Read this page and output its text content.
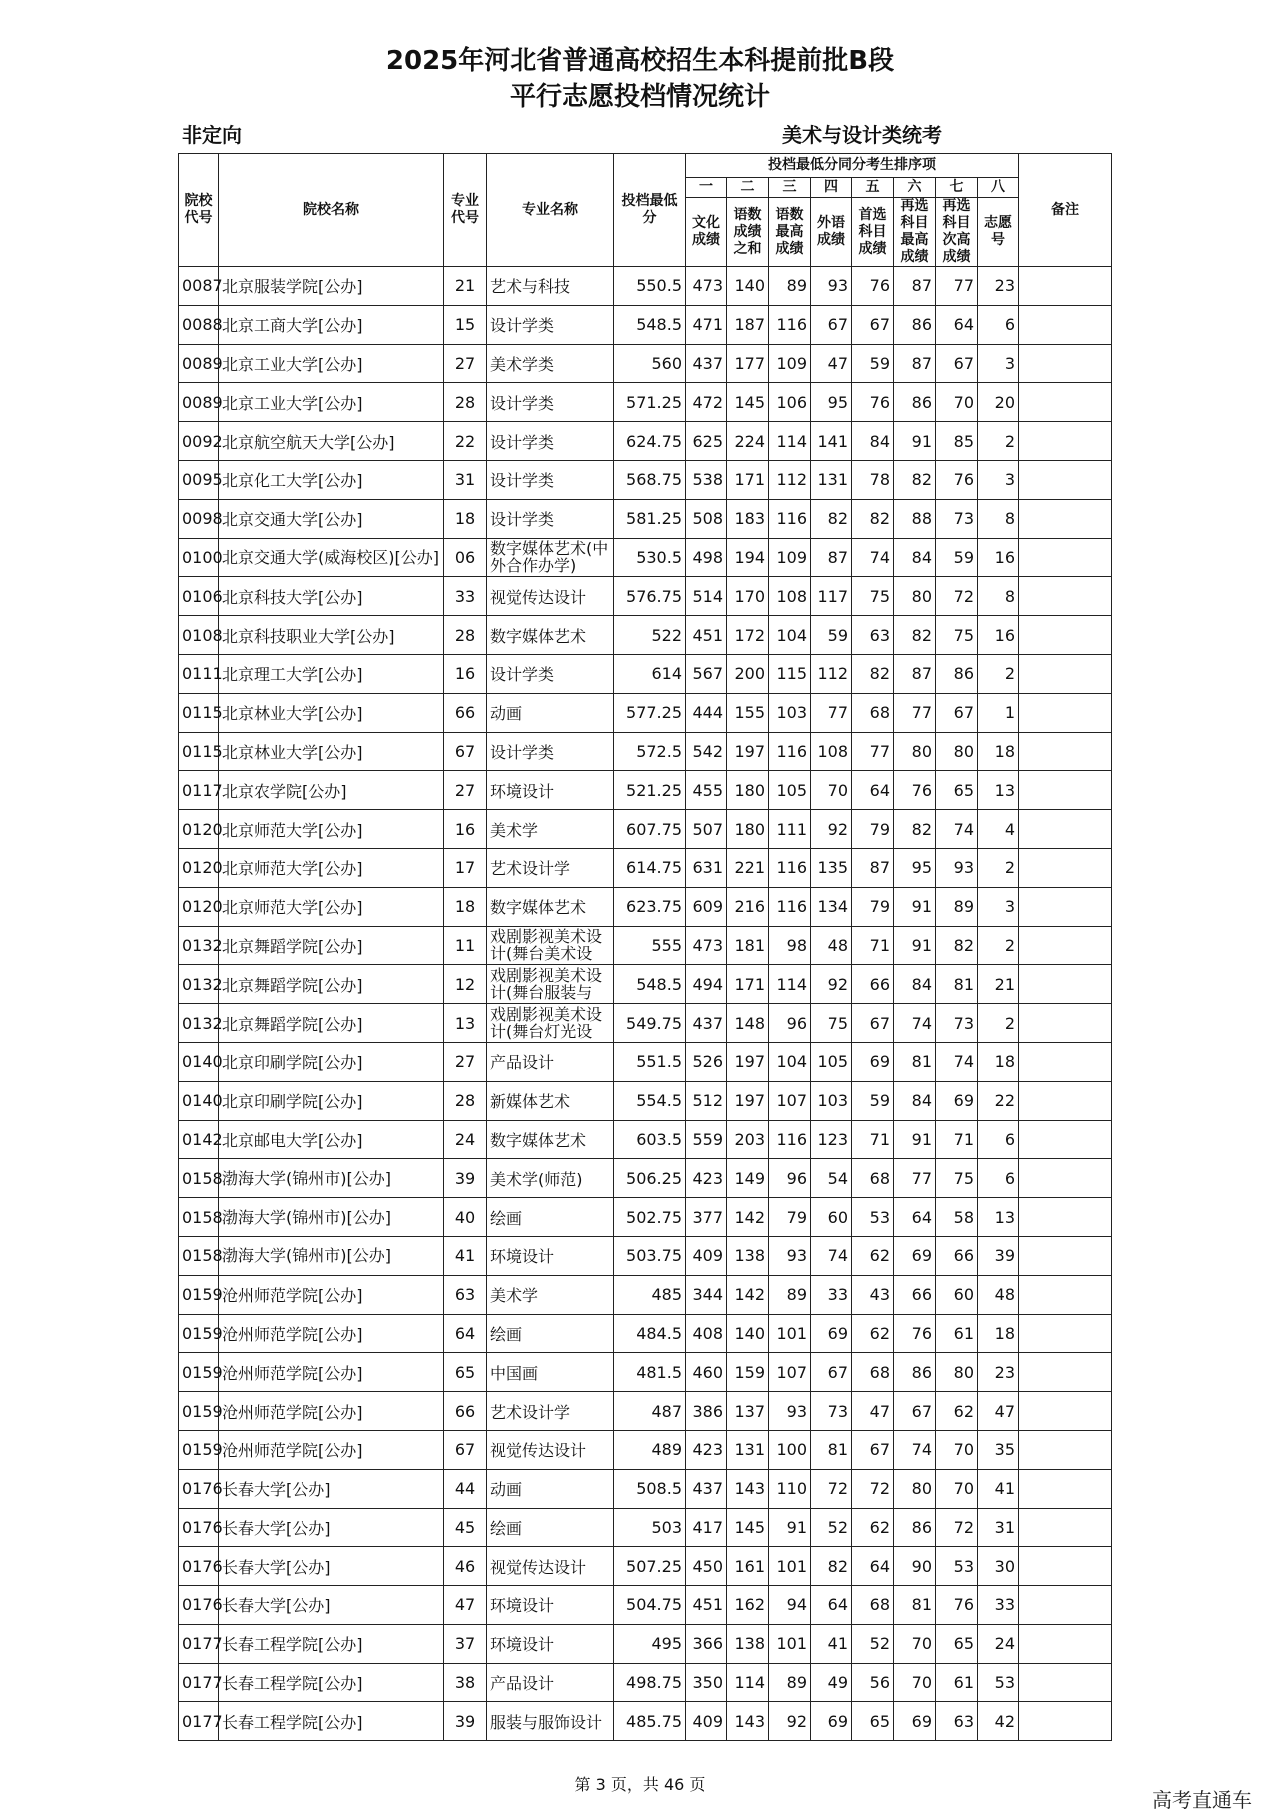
2025年河北省普通高校招生本科提前批B段
平行志愿投档情况统计
非定向	美术与设计类统考
院校代号	院校名称	专业代号	专业名称	投档最低分	投档最低分同分考生排序项								备注
					一	二	三	四	五	六	七	八	
					文化成绩	语数成绩之和	语数最高成绩	外语成绩	首选科目成绩	再选科目最高成绩	再选科目次高成绩	志愿号	
0087	北京服装学院[公办]	21	艺术与科技	550.5	473	140	89	93	76	87	77	23	
0088	北京工商大学[公办]	15	设计学类	548.5	471	187	116	67	67	86	64	6	
0089	北京工业大学[公办]	27	美术学类	560	437	177	109	47	59	87	67	3	
0089	北京工业大学[公办]	28	设计学类	571.25	472	145	106	95	76	86	70	20	
0092	北京航空航天大学[公办]	22	设计学类	624.75	625	224	114	141	84	91	85	2	
0095	北京化工大学[公办]	31	设计学类	568.75	538	171	112	131	78	82	76	3	
0098	北京交通大学[公办]	18	设计学类	581.25	508	183	116	82	82	88	73	8	
0100	北京交通大学(威海校区)[公办]	06	数字媒体艺术(中外合作办学)	530.5	498	194	109	87	74	84	59	16	
0106	北京科技大学[公办]	33	视觉传达设计	576.75	514	170	108	117	75	80	72	8	
0108	北京科技职业大学[公办]	28	数字媒体艺术	522	451	172	104	59	63	82	75	16	
0111	北京理工大学[公办]	16	设计学类	614	567	200	115	112	82	87	86	2	
0115	北京林业大学[公办]	66	动画	577.25	444	155	103	77	68	77	67	1	
0115	北京林业大学[公办]	67	设计学类	572.5	542	197	116	108	77	80	80	18	
0117	北京农学院[公办]	27	环境设计	521.25	455	180	105	70	64	76	65	13	
0120	北京师范大学[公办]	16	美术学	607.75	507	180	111	92	79	82	74	4	
0120	北京师范大学[公办]	17	艺术设计学	614.75	631	221	116	135	87	95	93	2	
0120	北京师范大学[公办]	18	数字媒体艺术	623.75	609	216	116	134	79	91	89	3	
0132	北京舞蹈学院[公办]	11	戏剧影视美术设计(舞台美术设	555	473	181	98	48	71	91	82	2	
0132	北京舞蹈学院[公办]	12	戏剧影视美术设计(舞台服装与	548.5	494	171	114	92	66	84	81	21	
0132	北京舞蹈学院[公办]	13	戏剧影视美术设计(舞台灯光设	549.75	437	148	96	75	67	74	73	2	
0140	北京印刷学院[公办]	27	产品设计	551.5	526	197	104	105	69	81	74	18	
0140	北京印刷学院[公办]	28	新媒体艺术	554.5	512	197	107	103	59	84	69	22	
0142	北京邮电大学[公办]	24	数字媒体艺术	603.5	559	203	116	123	71	91	71	6	
0158	渤海大学(锦州市)[公办]	39	美术学(师范)	506.25	423	149	96	54	68	77	75	6	
0158	渤海大学(锦州市)[公办]	40	绘画	502.75	377	142	79	60	53	64	58	13	
0158	渤海大学(锦州市)[公办]	41	环境设计	503.75	409	138	93	74	62	69	66	39	
0159	沧州师范学院[公办]	63	美术学	485	344	142	89	33	43	66	60	48	
0159	沧州师范学院[公办]	64	绘画	484.5	408	140	101	69	62	76	61	18	
0159	沧州师范学院[公办]	65	中国画	481.5	460	159	107	67	68	86	80	23	
0159	沧州师范学院[公办]	66	艺术设计学	487	386	137	93	73	47	67	62	47	
0159	沧州师范学院[公办]	67	视觉传达设计	489	423	131	100	81	67	74	70	35	
0176	长春大学[公办]	44	动画	508.5	437	143	110	72	72	80	70	41	
0176	长春大学[公办]	45	绘画	503	417	145	91	52	62	86	72	31	
0176	长春大学[公办]	46	视觉传达设计	507.25	450	161	101	82	64	90	53	30	
0176	长春大学[公办]	47	环境设计	504.75	451	162	94	64	68	81	76	33	
0177	长春工程学院[公办]	37	环境设计	495	366	138	101	41	52	70	65	24	
0177	长春工程学院[公办]	38	产品设计	498.75	350	114	89	49	56	70	61	53	
0177	长春工程学院[公办]	39	服装与服饰设计	485.75	409	143	92	69	65	69	63	42	
第 3 页，共 46 页
高考直通车
